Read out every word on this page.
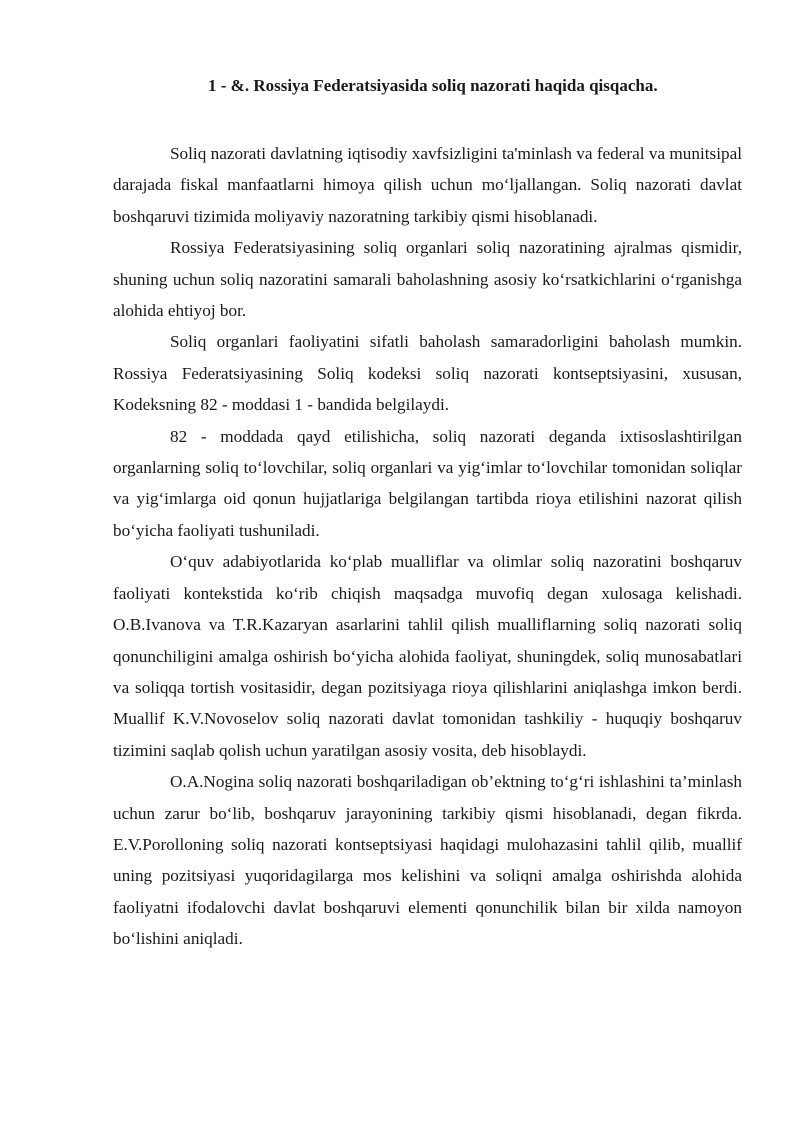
1 - &. Rossiya Federatsiyasida soliq nazorati haqida qisqacha.

Soliq nazorati davlatning iqtisodiy xavfsizligini ta'minlash va federal va munitsipal darajada fiskal manfaatlarni himoya qilish uchun mo‘ljallangan. Soliq nazorati davlat boshqaruvi tizimida moliyaviy nazoratning tarkibiy qismi hisoblanadi.

Rossiya Federatsiyasining soliq organlari soliq nazoratining ajralmas qismidir, shuning uchun soliq nazoratini samarali baholashning asosiy ko‘rsatkichlarini o‘rganishga alohida ehtiyoj bor.

Soliq organlari faoliyatini sifatli baholash samaradorligini baholash mumkin. Rossiya Federatsiyasining Soliq kodeksi soliq nazorati kontseptsiyasini, xususan, Kodeksning 82 - moddasi 1 - bandida belgilaydi.

82 - moddada qayd etilishicha, soliq nazorati deganda ixtisoslashtirilgan organlarning soliq to‘lovchilar, soliq organlari va yig‘imlar to‘lovchilar tomonidan soliqlar va yig‘imlarga oid qonun hujjatlariga belgilangan tartibda rioya etilishini nazorat qilish bo‘yicha faoliyati tushuniladi.

O‘quv adabiyotlarida ko‘plab mualliflar va olimlar soliq nazoratini boshqaruv faoliyati kontekstida ko‘rib chiqish maqsadga muvofiq degan xulosaga kelishadi. O.B.Ivanova va T.R.Kazaryan asarlarini tahlil qilish mualliflarning soliq nazorati soliq qonunchiligini amalga oshirish bo‘yicha alohida faoliyat, shuningdek, soliq munosabatlari va soliqqa tortish vositasidir, degan pozitsiyaga rioya qilishlarini aniqlashga imkon berdi. Muallif K.V.Novoselov soliq nazorati davlat tomonidan tashkiliy - huquqiy boshqaruv tizimini saqlab qolish uchun yaratilgan asosiy vosita, deb hisoblaydi.

O.A.Nogina soliq nazorati boshqariladigan ob’ektning to‘g‘ri ishlashini ta’minlash uchun zarur bo‘lib, boshqaruv jarayonining tarkibiy qismi hisoblanadi, degan fikrda. E.V.Porolloning soliq nazorati kontseptsiyasi haqidagi mulohazasini tahlil qilib, muallif uning pozitsiyasi yuqoridagilarga mos kelishini va soliqni amalga oshirishda alohida faoliyatni ifodalovchi davlat boshqaruvi elementi qonunchilik bilan bir xilda namoyon bo‘lishini aniqladi.
